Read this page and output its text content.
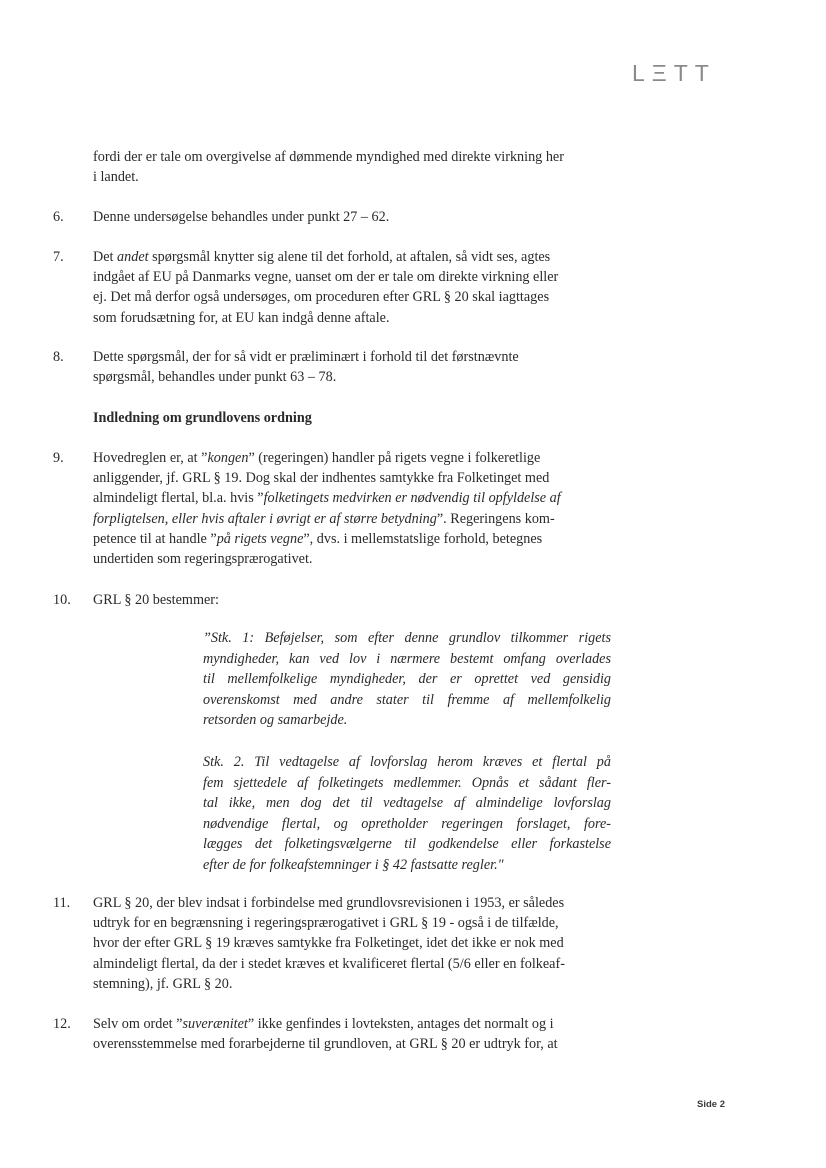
LΞTT
fordi der er tale om overgivelse af dømmende myndighed med direkte virkning her
i landet.
6. Denne undersøgelse behandles under punkt 27 – 62.
7. Det andet spørgsmål knytter sig alene til det forhold, at aftalen, så vidt ses, agtes
indgået af EU på Danmarks vegne, uanset om der er tale om direkte virkning eller
ej. Det må derfor også undersøges, om proceduren efter GRL § 20 skal iagttages
som forudsætning for, at EU kan indgå denne aftale.
8. Dette spørgsmål, der for så vidt er præliminært i forhold til det førstnævnte
spørgsmål, behandles under punkt 63 – 78.
Indledning om grundlovens ordning
9. Hovedreglen er, at ”kongen” (regeringen) handler på rigets vegne i folkeretlige
anliggender, jf. GRL § 19. Dog skal der indhentes samtykke fra Folketinget med
almindeligt flertal, bl.a. hvis ”folketingets medvirken er nødvendig til opfyldelse af
forpligtelsen, eller hvis aftaler i øvrigt er af større betydning”. Regeringens kom-
petence til at handle ”på rigets vegne”, dvs. i mellemstatslige forhold, betegnes
undertiden som regeringsprærogativet.
10. GRL § 20 bestemmer:
”Stk. 1: Beføjelser, som efter denne grundlov tilkommer rigets
myndigheder, kan ved lov i nærmere bestemt omfang overlades
til mellemfolkelige myndigheder, der er oprettet ved gensidig
overenskomst med andre stater til fremme af mellemfolkelig
retsorden og samarbejde.
Stk. 2. Til vedtagelse af lovforslag herom kræves et flertal på
fem sjettedele af folketingets medlemmer. Opnås et sådant fler-
tal ikke, men dog det til vedtagelse af almindelige lovforslag
nødvendige flertal, og opretholder regeringen forslaget, fore-
lægges det folketingsvælgerne til godkendelse eller forkastelse
efter de for folkeafstemninger i § 42 fastsatte regler."
11. GRL § 20, der blev indsat i forbindelse med grundlovsrevisionen i 1953, er således
udtryk for en begrænsning i regeringsprærogativet i GRL § 19 - også i de tilfælde,
hvor der efter GRL § 19 kræves samtykke fra Folketinget, idet det ikke er nok med
almindeligt flertal, da der i stedet kræves et kvalificeret flertal (5/6 eller en folkeaf-
stemning), jf. GRL § 20.
12. Selv om ordet ”suverænitet” ikke genfindes i lovteksten, antages det normalt og i
overensstemmelse med forarbejderne til grundloven, at GRL § 20 er udtryk for, at
Side 2
